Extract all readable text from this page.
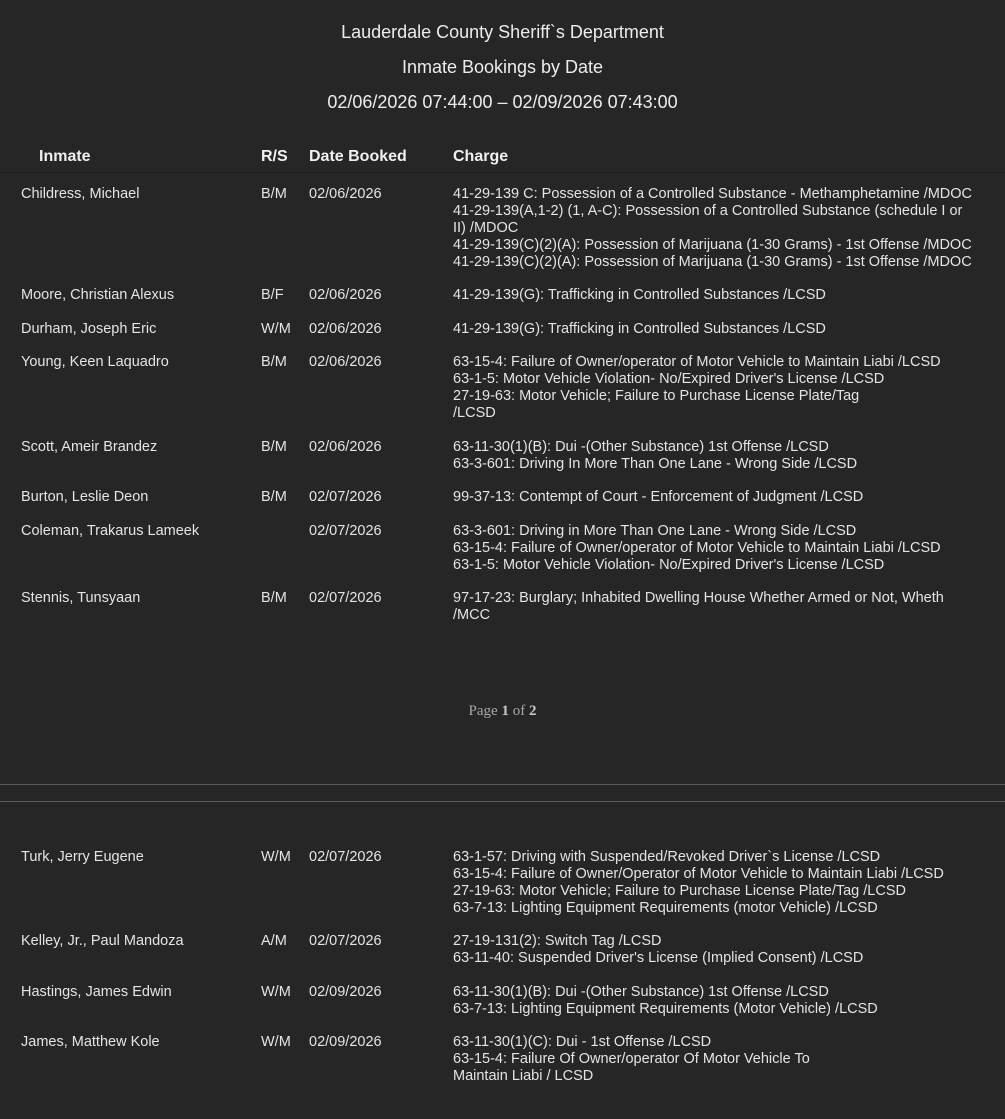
Lauderdale County Sheriff`s Department
Inmate Bookings by Date
02/06/2026 07:44:00 – 02/09/2026 07:43:00
Inmate	R/S Date Booked	Charge
Childress, Michael	B/M 02/06/2026	41-29-139 C: Possession of a Controlled Substance - Methamphetamine /MDOC
41-29-139(A,1-2) (1, A-C): Possession of a Controlled Substance (schedule I or
II) /MDOC
41-29-139(C)(2)(A): Possession of Marijuana (1-30 Grams) - 1st Offense /MDOC
41-29-139(C)(2)(A): Possession of Marijuana (1-30 Grams) - 1st Offense /MDOC
Moore, Christian Alexus	B/F 02/06/2026	41-29-139(G): Trafficking in Controlled Substances /LCSD
Durham, Joseph Eric	W/M 02/06/2026	41-29-139(G): Trafficking in Controlled Substances /LCSD
Young, Keen Laquadro	B/M 02/06/2026	63-15-4: Failure of Owner/operator of Motor Vehicle to Maintain Liabi /LCSD
63-1-5: Motor Vehicle Violation- No/Expired Driver's License /LCSD
27-19-63: Motor Vehicle; Failure to Purchase License Plate/Tag
/LCSD
Scott, Ameir Brandez	B/M 02/06/2026	63-11-30(1)(B): Dui -(Other Substance) 1st Offense /LCSD
63-3-601: Driving In More Than One Lane - Wrong Side /LCSD
Burton, Leslie Deon	B/M 02/07/2026	99-37-13: Contempt of Court - Enforcement of Judgment /LCSD
Coleman, Trakarus Lameek	02/07/2026	63-3-601: Driving in More Than One Lane - Wrong Side /LCSD
63-15-4: Failure of Owner/operator of Motor Vehicle to Maintain Liabi /LCSD
63-1-5: Motor Vehicle Violation- No/Expired Driver's License /LCSD
Stennis, Tunsyaan	B/M 02/07/2026	97-17-23: Burglary; Inhabited Dwelling House Whether Armed or Not, Wheth
/MCC
Page 1 of 2
Turk, Jerry Eugene	W/M 02/07/2026	63-1-57: Driving with Suspended/Revoked Driver`s License /LCSD
63-15-4: Failure of Owner/Operator of Motor Vehicle to Maintain Liabi /LCSD
27-19-63: Motor Vehicle; Failure to Purchase License Plate/Tag /LCSD
63-7-13: Lighting Equipment Requirements (motor Vehicle) /LCSD
Kelley, Jr., Paul Mandoza	A/M 02/07/2026	27-19-131(2): Switch Tag /LCSD
63-11-40: Suspended Driver's License (Implied Consent) /LCSD
Hastings, James Edwin	W/M 02/09/2026	63-11-30(1)(B): Dui -(Other Substance) 1st Offense /LCSD
63-7-13: Lighting Equipment Requirements (Motor Vehicle) /LCSD
James, Matthew Kole	W/M 02/09/2026	63-11-30(1)(C): Dui - 1st Offense /LCSD
63-15-4: Failure Of Owner/operator Of Motor Vehicle To
Maintain Liabi / LCSD
